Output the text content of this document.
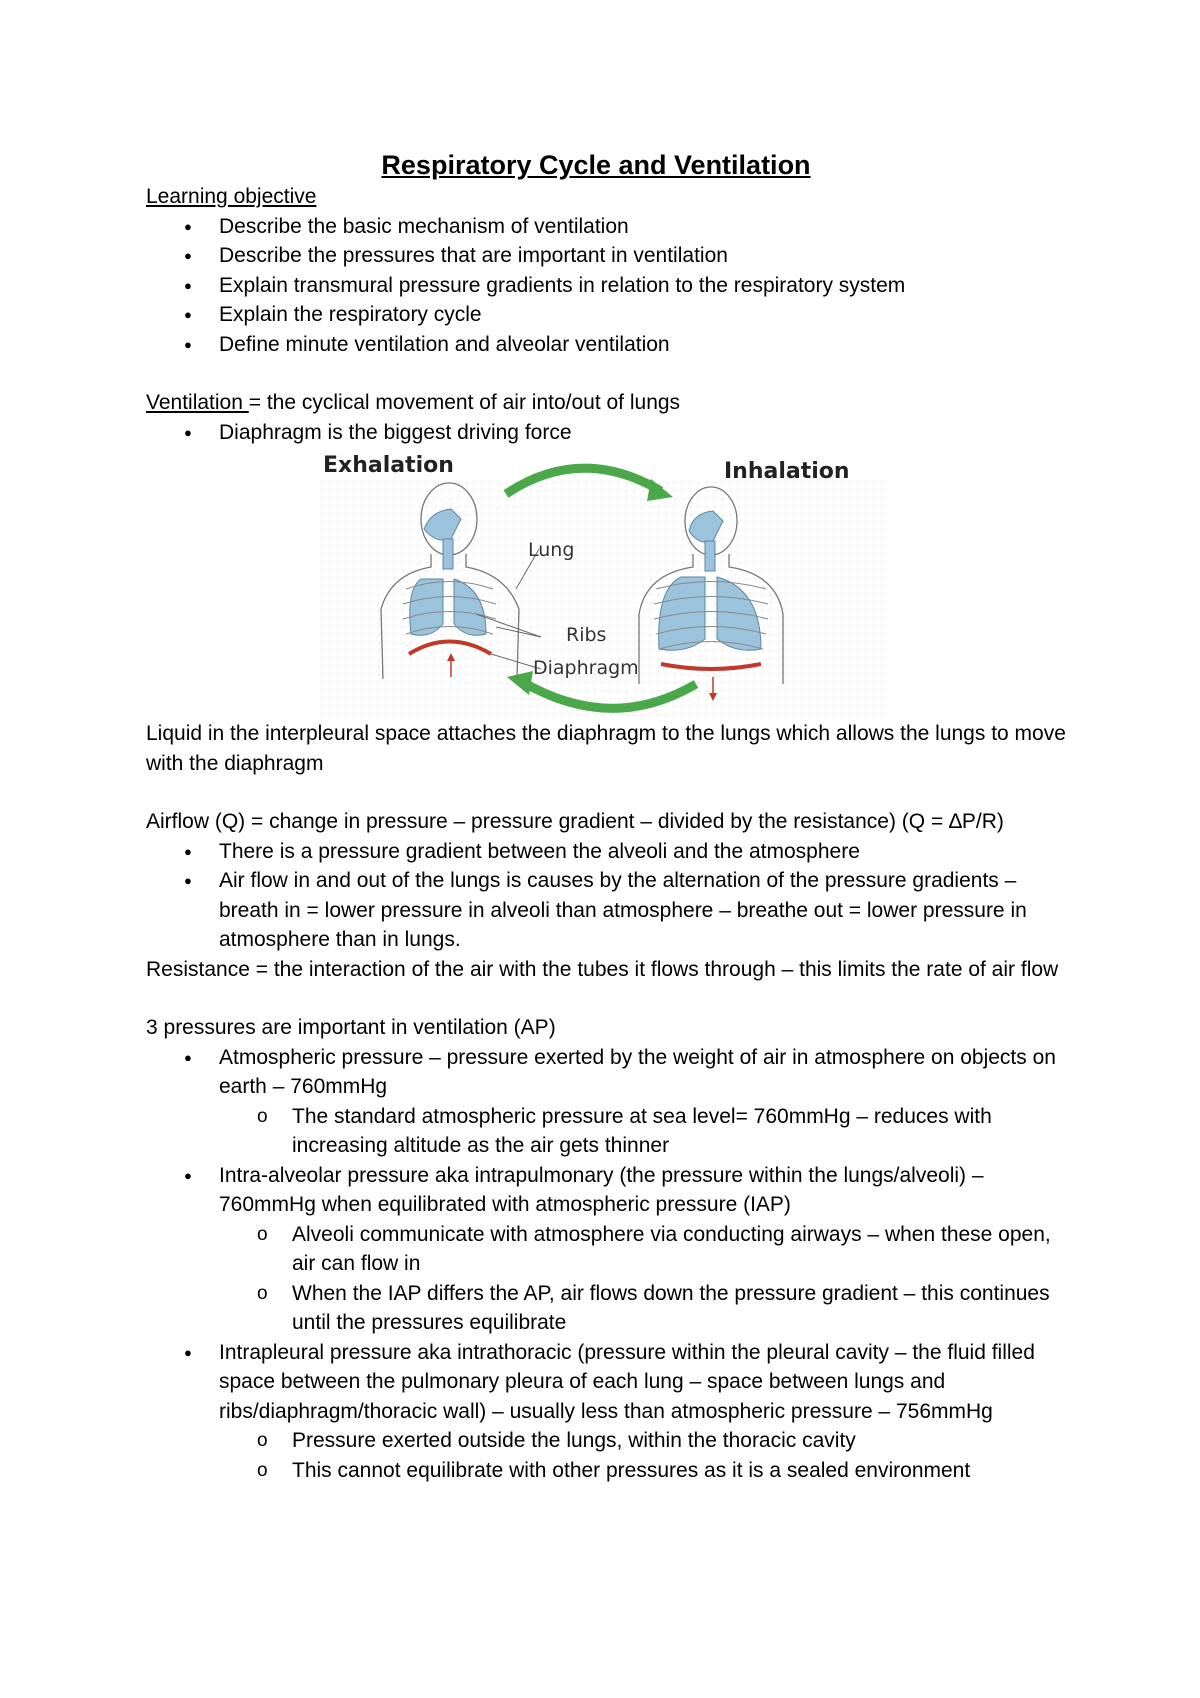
Respiratory Cycle and Ventilation

Learning objective

● Describe the basic mechanism of ventilation
● Describe the pressures that are important in ventilation
● Explain transmural pressure gradients in relation to the respiratory system
● Explain the respiratory cycle
● Define minute ventilation and alveolar ventilation

Ventilation = the cyclical movement of air into/out of lungs

● Diaphragm is the biggest driving force
Exhalation	Inhalation
Lung
Ribs
Diaphragm

Liquid in the interpleural space attaches the diaphragm to the lungs which allows the lungs to move with the diaphragm

Airflow (Q) = change in pressure – pressure gradient – divided by the resistance) (Q = ∆P/R)

● There is a pressure gradient between the alveoli and the atmosphere
● Air flow in and out of the lungs is causes by the alternation of the pressure gradients – breath in = lower pressure in alveoli than atmosphere – breathe out = lower pressure in atmosphere than in lungs.

Resistance = the interaction of the air with the tubes it flows through – this limits the rate of air flow

3 pressures are important in ventilation (AP)

● Atmospheric pressure – pressure exerted by the weight of air in atmosphere on objects on earth – 760mmHg
o The standard atmospheric pressure at sea level= 760mmHg – reduces with increasing altitude as the air gets thinner
● Intra-alveolar pressure aka intrapulmonary (the pressure within the lungs/alveoli) – 760mmHg when equilibrated with atmospheric pressure (IAP)
o Alveoli communicate with atmosphere via conducting airways – when these open, air can flow in
o When the IAP differs the AP, air flows down the pressure gradient – this continues until the pressures equilibrate
● Intrapleural pressure aka intrathoracic (pressure within the pleural cavity – the fluid filled space between the pulmonary pleura of each lung – space between lungs and ribs/diaphragm/thoracic wall) – usually less than atmospheric pressure – 756mmHg
o Pressure exerted outside the lungs, within the thoracic cavity
o This cannot equilibrate with other pressures as it is a sealed environment
